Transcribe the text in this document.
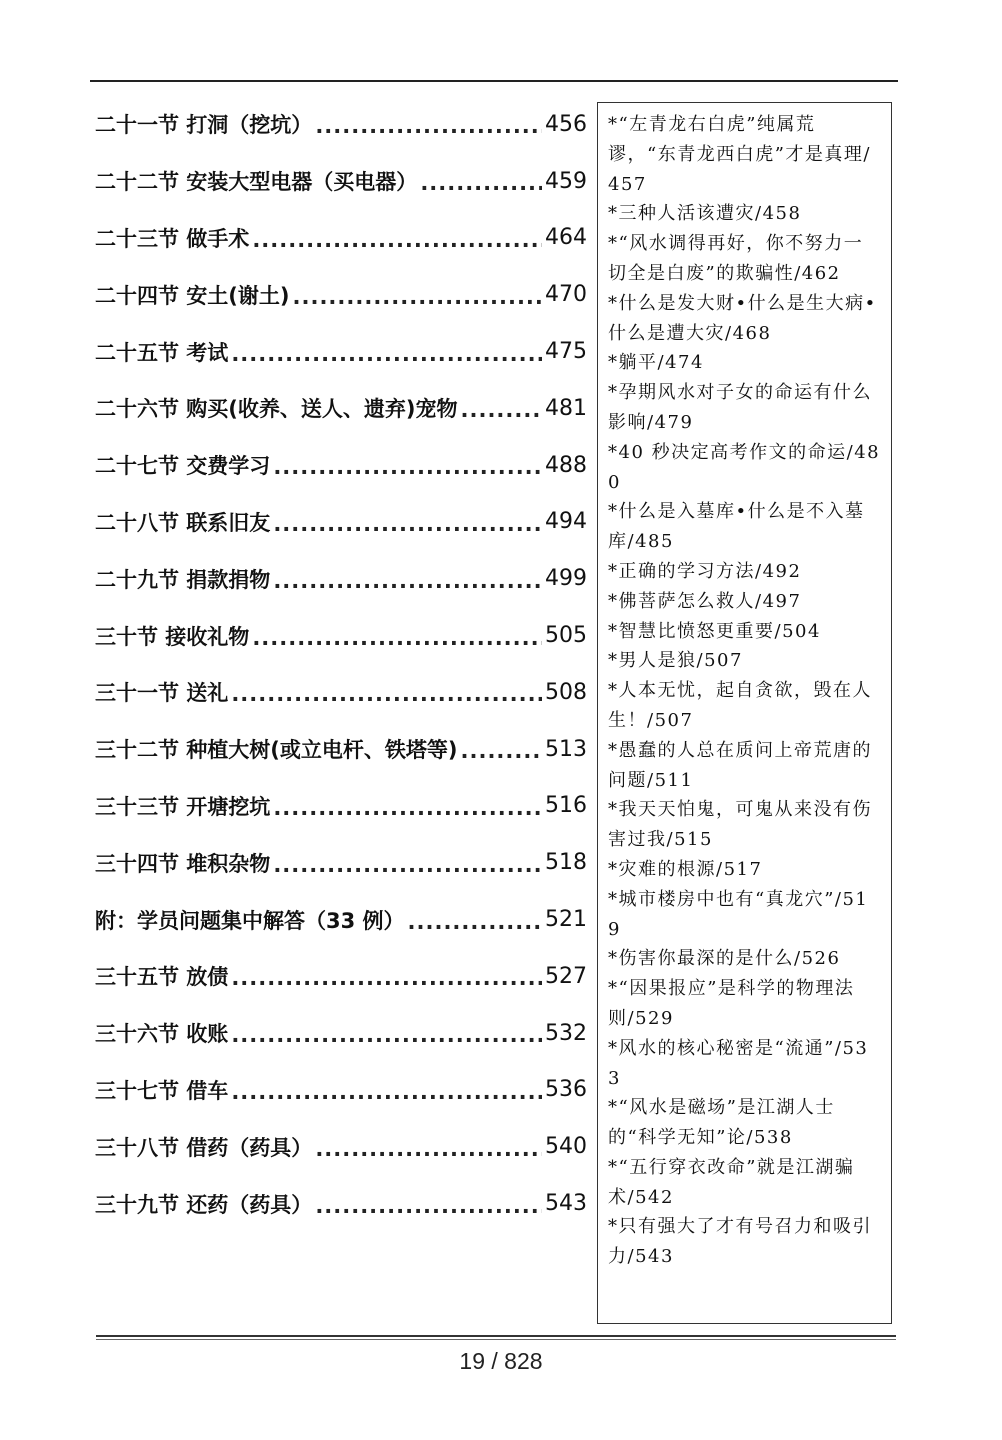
二十一节 打洞（挖坑） .....	456
二十二节 安装大型电器（买电器） .....	459
二十三节 做手术 .....	464
二十四节 安土(谢土) .....	470
二十五节 考试 .....	475
二十六节 购买(收养、送人、遗弃)宠物 .....	481
二十七节 交费学习 .....	488
二十八节 联系旧友 .....	494
二十九节 捐款捐物 .....	499
三十节 接收礼物 .....	505
三十一节 送礼 .....	508
三十二节 种植大树(或立电杆、铁塔等) .....	513
三十三节 开塘挖坑 .....	516
三十四节 堆积杂物 .....	518
附：学员问题集中解答（33 例） .....	521
三十五节 放债 .....	527
三十六节 收账 .....	532
三十七节 借车 .....	536
三十八节 借药（药具） .....	540
三十九节 还药（药具） .....	543

*“左青龙右白虎”纯属荒谬，“东青龙西白虎”才是真理/457

*三种人活该遭灾/458

*“风水调得再好，你不努力一切全是白废”的欺骗性/462

*什么是发大财•什么是生大病•什么是遭大灾/468

*躺平/474

*孕期风水对子女的命运有什么影响/479

*40 秒决定高考作文的命运/480

*什么是入墓库•什么是不入墓库/485

*正确的学习方法/492

*佛菩萨怎么救人/497

*智慧比愤怒更重要/504

*男人是狼/507

*人本无忧，起自贪欲，毁在人生！/507

*愚蠢的人总在质问上帝荒唐的问题/511

*我天天怕鬼，可鬼从来没有伤害过我/515

*灾难的根源/517

*城市楼房中也有“真龙穴”/519

*伤害你最深的是什么/526

*“因果报应”是科学的物理法则/529

*风水的核心秘密是“流通”/533

*“风水是磁场”是江湖人士的“科学无知”论/538

*“五行穿衣改命”就是江湖骗术/542

*只有强大了才有号召力和吸引力/543

19 / 828
